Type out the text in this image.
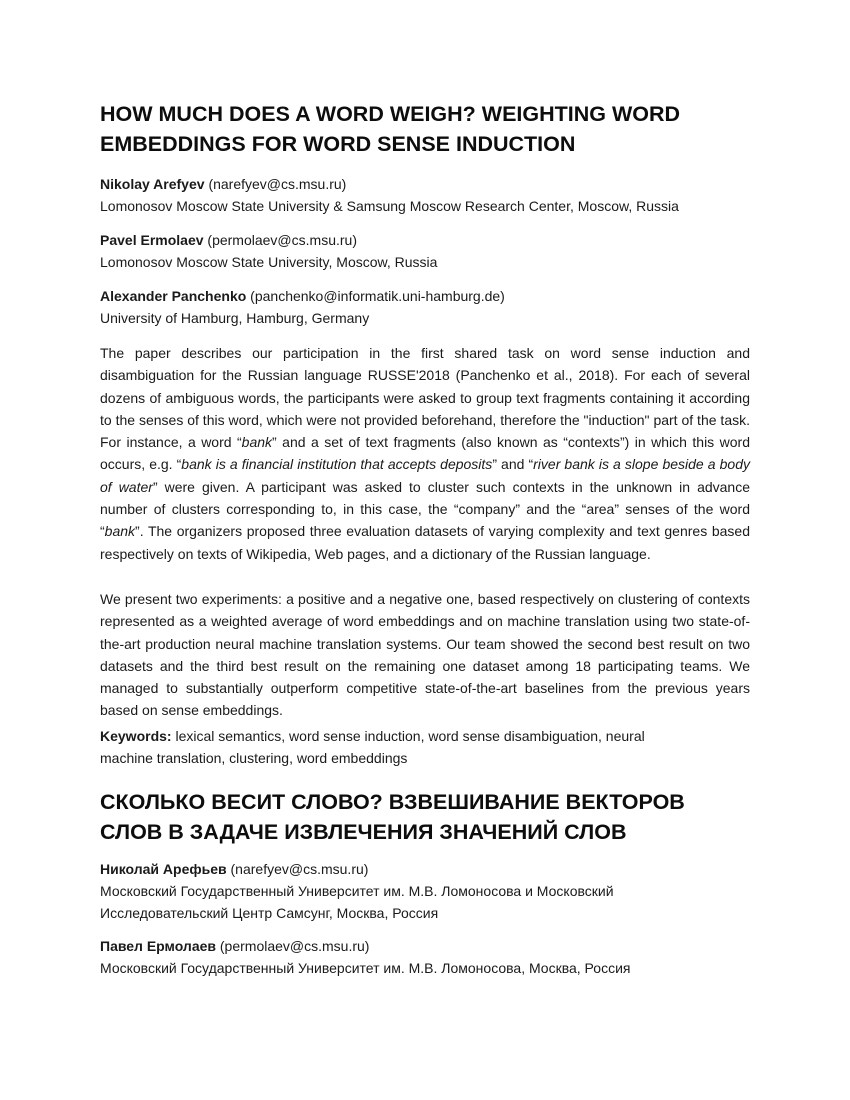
HOW MUCH DOES A WORD WEIGH? WEIGHTING WORD
EMBEDDINGS FOR WORD SENSE INDUCTION
Nikolay Arefyev (narefyev@cs.msu.ru)
Lomonosov Moscow State University & Samsung Moscow Research Center, Moscow, Russia
Pavel Ermolaev (permolaev@cs.msu.ru)
Lomonosov Moscow State University, Moscow, Russia
Alexander Panchenko (panchenko@informatik.uni-hamburg.de)
University of Hamburg, Hamburg, Germany

The paper describes our participation in the first shared task on word sense induction and disambiguation for the Russian language RUSSE'2018 (Panchenko et al., 2018). For each of several dozens of ambiguous words, the participants were asked to group text fragments containing it according to the senses of this word, which were not provided beforehand, therefore the "induction" part of the task. For instance, a word “bank” and a set of text fragments (also known as “contexts”) in which this word occurs, e.g. “bank is a financial institution that accepts deposits” and “river bank is a slope beside a body of water” were given. A participant was asked to cluster such contexts in the unknown in advance number of clusters corresponding to, in this case, the “company” and the “area” senses of the word “bank”. The organizers proposed three evaluation datasets of varying complexity and text genres based respectively on texts of Wikipedia, Web pages, and a dictionary of the Russian language.

We present two experiments: a positive and a negative one, based respectively on clustering of contexts represented as a weighted average of word embeddings and on machine translation using two state-of-the-art production neural machine translation systems. Our team showed the second best result on two datasets and the third best result on the remaining one dataset among 18 participating teams. We managed to substantially outperform competitive state-of-the-art baselines from the previous years based on sense embeddings.

Keywords: lexical semantics, word sense induction, word sense disambiguation, neural
machine translation, clustering, word embeddings
СКОЛЬКО ВЕСИТ СЛОВО? ВЗВЕШИВАНИЕ ВЕКТОРОВ
СЛОВ В ЗАДАЧЕ ИЗВЛЕЧЕНИЯ ЗНАЧЕНИЙ СЛОВ
Николай Арефьев (narefyev@cs.msu.ru)
Московский Государственный Университет им. М.В. Ломоносова и Московский
Исследовательский Центр Самсунг, Москва, Россия
Павел Ермолаев (permolaev@cs.msu.ru)
Московский Государственный Университет им. М.В. Ломоносова, Москва, Россия
